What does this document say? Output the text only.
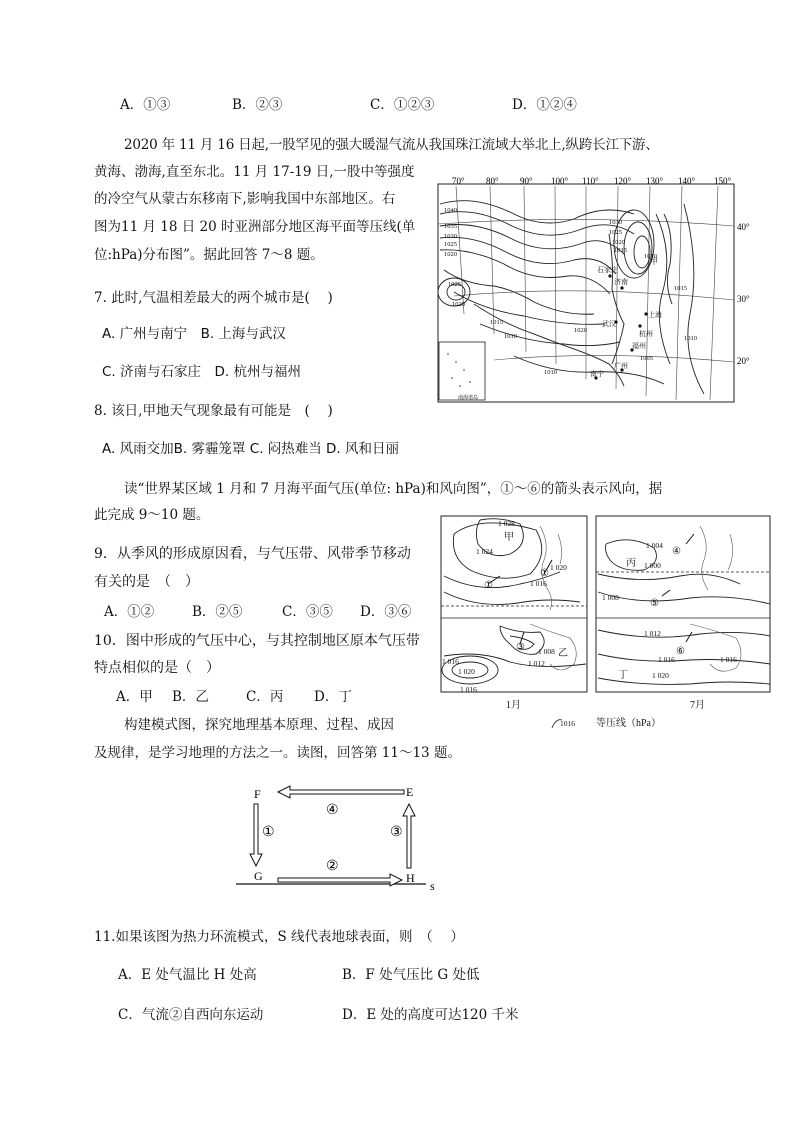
A．①③	B．②③	C．①②③	D．①②④
2020 年 11 月 16 日起,一股罕见的强大暖湿气流从我国珠江流域大举北上,纵跨长江下游、
黄海、渤海,直至东北。11 月 17-19 日,一股中等强度
的冷空气从蒙古东移南下,影响我国中东部地区。右
图为11 月 18 日 20 时亚洲部分地区海平面等压线(单
位:hPa)分布图”。据此回答 7～8 题。
70° 80° 90° 100° 110° 120° 130° 140° 150°
40°
30°
20°
1040
1035
1030
1025
1020
1025
1020
1015
1010
1030
1025
1020
1015
1010
1015
1020
1010
1005
1010
石家庄
济南
上海
武汉
杭州
福州
广州
南宁
甲
南海诸岛
7. 此时,气温相差最大的两个城市是(　 )
A. 广州与南宁　B. 上海与武汉
C. 济南与石家庄　D. 杭州与福州
8. 该日,甲地天气现象最有可能是　(　 )
A. 风雨交加B. 雾霾笼罩 C. 闷热难当 D. 风和日丽
读“世界某区域 1 月和 7 月海平面气压(单位: hPa)和风向图”，①～⑥的箭头表示风向，据
此完成 9～10 题。
1 028
1 024
1 020
1 016
1 016
1 008
1 012
1 016
1 020
甲
乙
①
①
③
1月
1 004
1 000
1 008
1 012
1 016	1 016
1 020
丙
丁
④
⑤
⑥
7月
1016 等压线（hPa）
9．从季风的形成原因看，与气压带、风带季节移动
有关的是　（　）
A．①②	B．②⑤	C．③⑤ D．③⑥
10．图中形成的气压中心，与其控制地区原本气压带
特点相似的是（　）
A．甲 B．乙	C．丙 D．丁
构建模式图，探究地理基本原理、过程、成因
及规律，是学习地理的方法之一。读图，回答第 11～13 题。
F	E
G	H
s
④
②
①	③
11.如果该图为热力环流模式，S 线代表地球表面，则　（　 ）
A．E 处气温比 H 处高	B．F 处气压比 G 处低
C．气流②自西向东运动	D．E 处的高度可达120 千米
